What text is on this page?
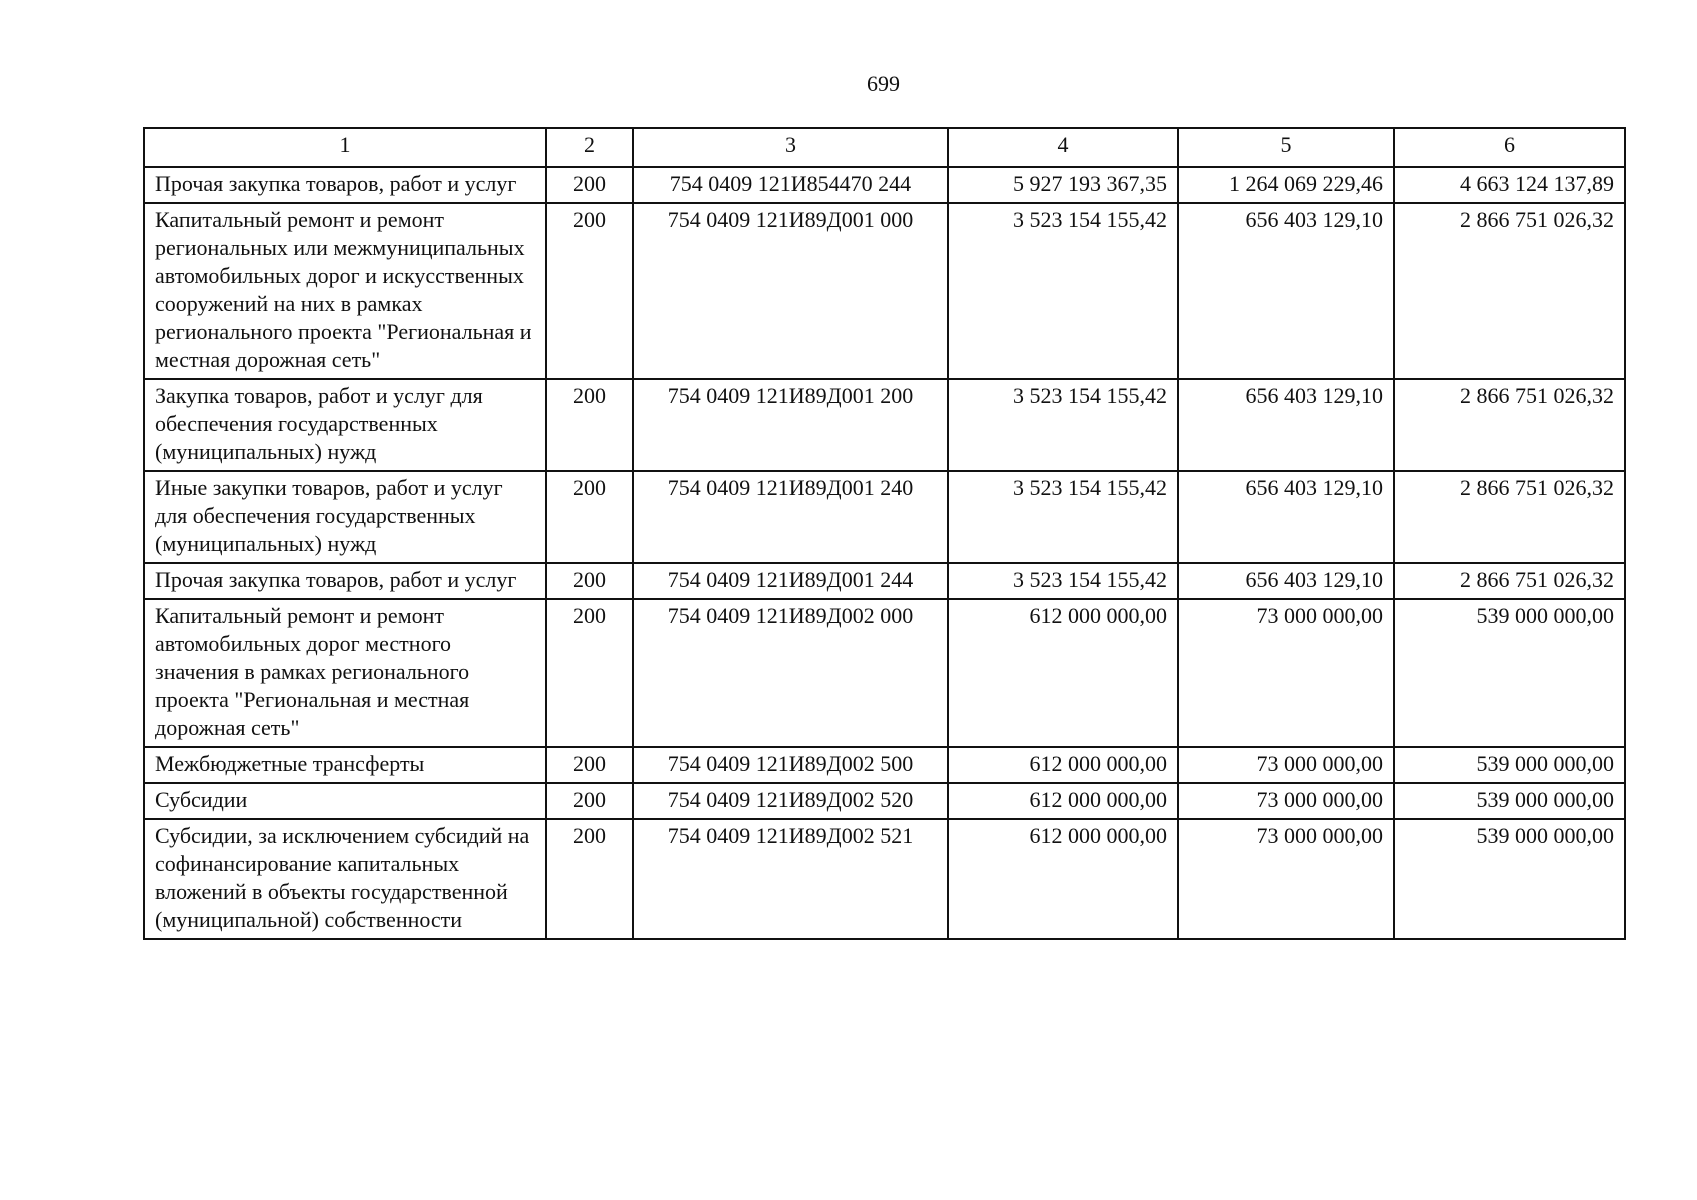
699
1	2	3	4	5	6
Прочая закупка товаров, работ и услуг	200	754 0409 121И854470 244	5 927 193 367,35	1 264 069 229,46	4 663 124 137,89
Капитальный ремонт и ремонт региональных или межмуниципальных автомобильных дорог и искусственных сооружений на них в рамках регионального проекта "Региональная и местная дорожная сеть"	200	754 0409 121И89Д001 000	3 523 154 155,42	656 403 129,10	2 866 751 026,32
Закупка товаров, работ и услуг для обеспечения государственных (муниципальных) нужд	200	754 0409 121И89Д001 200	3 523 154 155,42	656 403 129,10	2 866 751 026,32
Иные закупки товаров, работ и услуг для обеспечения государственных (муниципальных) нужд	200	754 0409 121И89Д001 240	3 523 154 155,42	656 403 129,10	2 866 751 026,32
Прочая закупка товаров, работ и услуг	200	754 0409 121И89Д001 244	3 523 154 155,42	656 403 129,10	2 866 751 026,32
Капитальный ремонт и ремонт автомобильных дорог местного значения в рамках регионального проекта "Региональная и местная дорожная сеть"	200	754 0409 121И89Д002 000	612 000 000,00	73 000 000,00	539 000 000,00
Межбюджетные трансферты	200	754 0409 121И89Д002 500	612 000 000,00	73 000 000,00	539 000 000,00
Субсидии	200	754 0409 121И89Д002 520	612 000 000,00	73 000 000,00	539 000 000,00
Субсидии, за исключением субсидий на софинансирование капитальных вложений в объекты государственной (муниципальной) собственности	200	754 0409 121И89Д002 521	612 000 000,00	73 000 000,00	539 000 000,00
